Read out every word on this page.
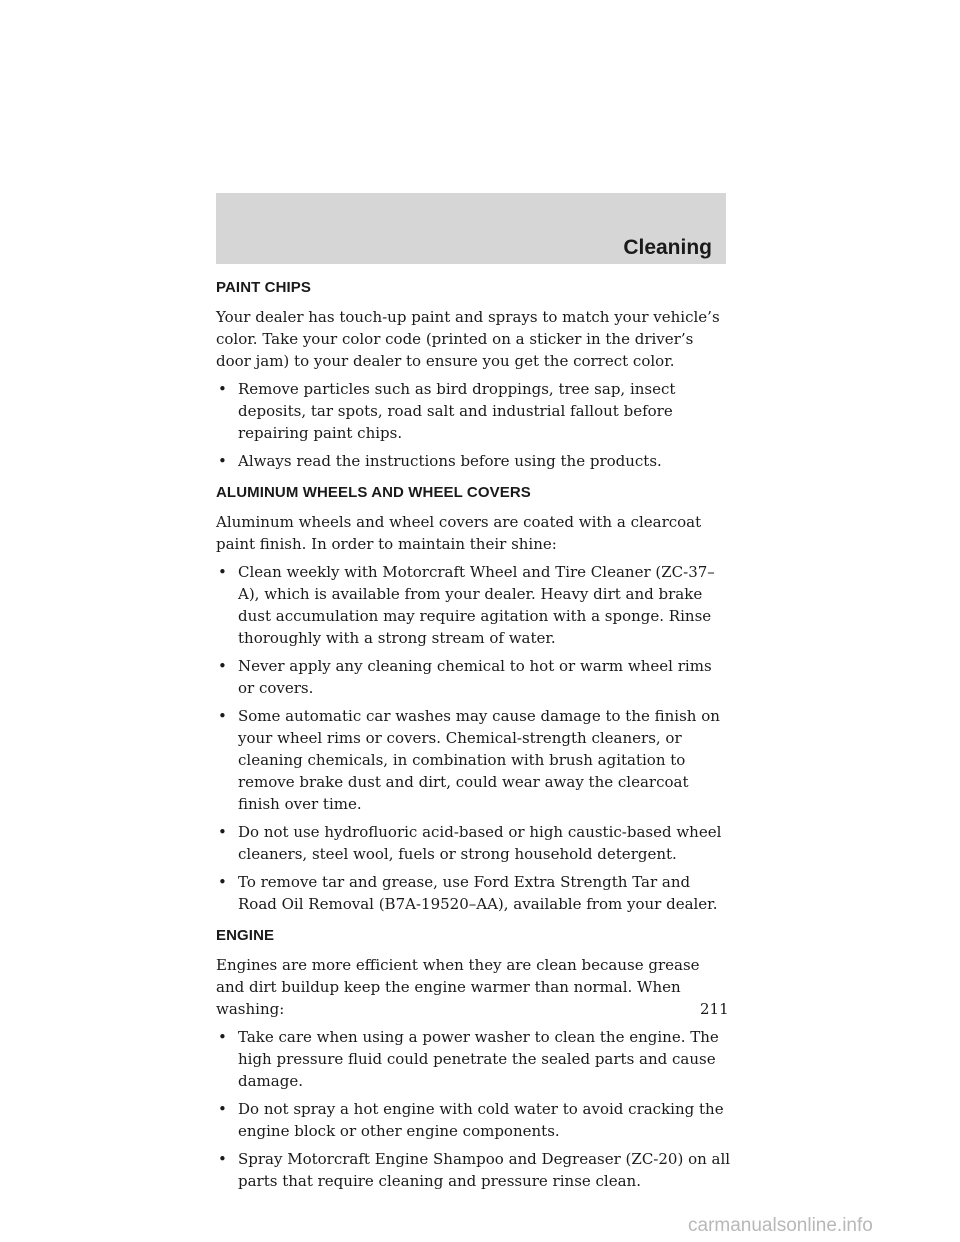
Cleaning
PAINT CHIPS

Your dealer has touch-up paint and sprays to match your vehicle’s color. Take your color code (printed on a sticker in the driver’s door jam) to your dealer to ensure you get the correct color.

• Remove particles such as bird droppings, tree sap, insect deposits, tar spots, road salt and industrial fallout before repairing paint chips.
• Always read the instructions before using the products.
ALUMINUM WHEELS AND WHEEL COVERS

Aluminum wheels and wheel covers are coated with a clearcoat paint finish. In order to maintain their shine:

• Clean weekly with Motorcraft Wheel and Tire Cleaner (ZC-37–A), which is available from your dealer. Heavy dirt and brake dust accumulation may require agitation with a sponge. Rinse thoroughly with a strong stream of water.
• Never apply any cleaning chemical to hot or warm wheel rims or covers.
• Some automatic car washes may cause damage to the finish on your wheel rims or covers. Chemical-strength cleaners, or cleaning chemicals, in combination with brush agitation to remove brake dust and dirt, could wear away the clearcoat finish over time.
• Do not use hydrofluoric acid-based or high caustic-based wheel cleaners, steel wool, fuels or strong household detergent.
• To remove tar and grease, use Ford Extra Strength Tar and Road Oil Removal (B7A-19520–AA), available from your dealer.
ENGINE

Engines are more efficient when they are clean because grease and dirt buildup keep the engine warmer than normal. When washing:

• Take care when using a power washer to clean the engine. The high pressure fluid could penetrate the sealed parts and cause damage.
• Do not spray a hot engine with cold water to avoid cracking the engine block or other engine components.
• Spray Motorcraft Engine Shampoo and Degreaser (ZC-20) on all parts that require cleaning and pressure rinse clean.
211
carmanualsonline.info
